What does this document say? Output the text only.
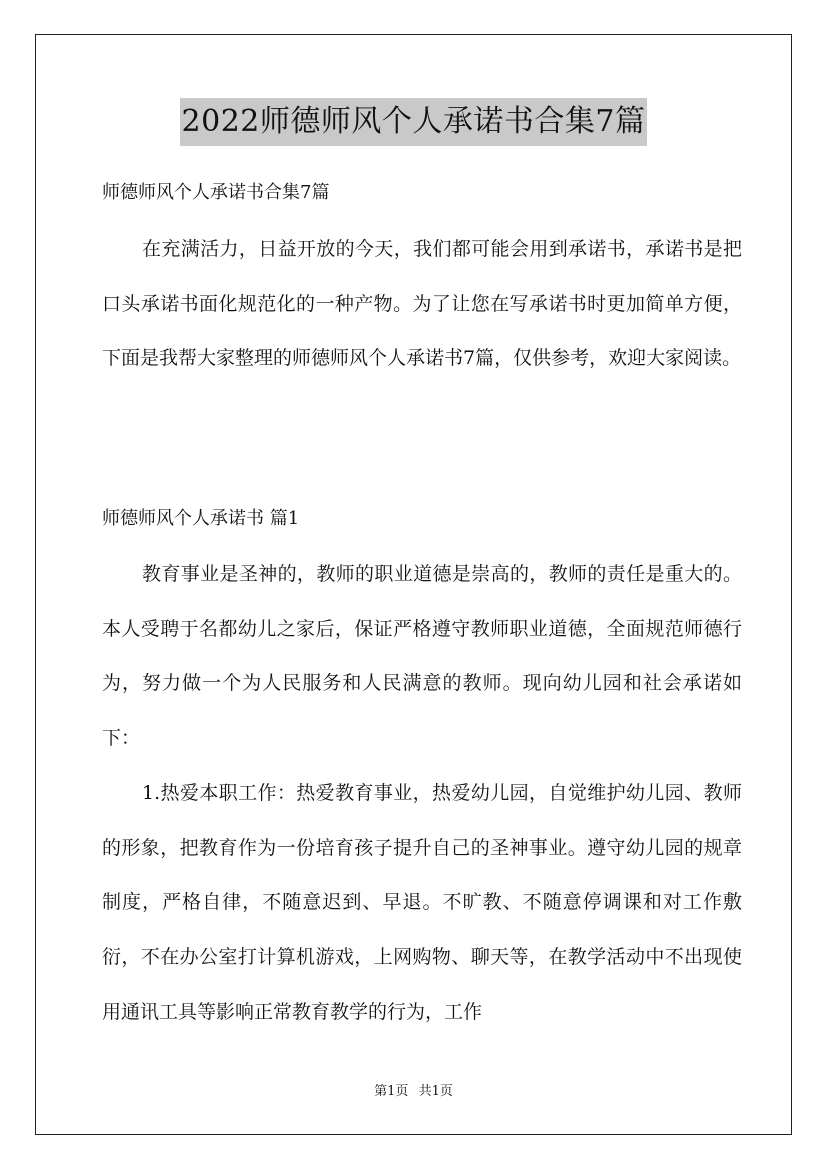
2022师德师风个人承诺书合集7篇

师德师风个人承诺书合集7篇

在充满活力，日益开放的今天，我们都可能会用到承诺书，承诺书是把口头承诺书面化规范化的一种产物。为了让您在写承诺书时更加简单方便，下面是我帮大家整理的师德师风个人承诺书7篇，仅供参考，欢迎大家阅读。

师德师风个人承诺书 篇1

教育事业是圣神的，教师的职业道德是崇高的，教师的责任是重大的。本人受聘于名都幼儿之家后，保证严格遵守教师职业道德，全面规范师德行为，努力做一个为人民服务和人民满意的教师。现向幼儿园和社会承诺如下：

1.热爱本职工作：热爱教育事业，热爱幼儿园，自觉维护幼儿园、教师的形象，把教育作为一份培育孩子提升自己的圣神事业。遵守幼儿园的规章制度，严格自律，不随意迟到、早退。不旷教、不随意停调课和对工作敷衍，不在办公室打计算机游戏，上网购物、聊天等，在教学活动中不出现使用通讯工具等影响正常教育教学的行为，工作

第1页 共1页
